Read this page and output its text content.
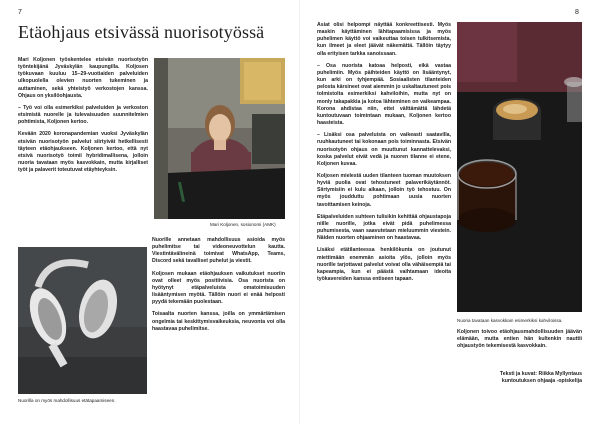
7	8
Etäohjaus etsivässä nuorisotyössä

Mari Koljonen työskentelee etsivän nuorisotyön työntekijänä Jyväskylän kaupungilla. Koljosen työkuvaan kuuluu 15–29-vuotiaiden palveluiden ulkopuolella olevien nuorten tukeminen ja auttaminen, sekä yhteistyö verkostojen kanssa. Ohjaus on yksilöohjausta.

– Työ voi olla esimerkiksi palveluiden ja verkoston etsimistä nuorelle ja tulevaisuuden suunnitelmien pohtimista, Koljonen kertoo.

Kevään 2020 koronapandemian vuoksi Jyväskylän etsivän nuorisotyön palvelut siirtyivät hetkellisesti täyteen etäohjaukseen. Koljonen kertoo, että nyt etsivä nuorisotyö toimii hybridimallisena, jolloin nuoria tavataan myös kasvokkain, mutta kirjalliset työt ja palaverit toteutuvat etäyhteyksin.

Mari Koljonen, sosionomi (AMK)
Nuorilla on myös mahdollisuus etätapaamiseen.

Nuorille annetaan mahdollisuus asioida myös puhelimitse tai videoneuvottelun kautta. Viestintävälineinä toimivat WhatsApp, Teams, Discord sekä tavalliset puhelut ja viestit.

Koljosen mukaan etäohjauksen vaikutukset nuoriin ovat olleet myös positiivisia. Osa nuorista on hyötynyt etäpalveluista omatoimisuuden lisääntymisen myötä. Tällöin nuori ei enää helposti pyydä tekemään puolestaan.

Toisaalta nuorten kanssa, joilla on ymmärtämisen ongelmia tai keskittymisvaikeuksia, neuvonta voi olla haastavaa puhelimitse.

Asiat olisi helpompi näyttää konkreettisesti. Myös maskin käyttäminen lähitapaamisissa ja myös puhelimen käyttö voi vaikeuttaa toisen tulkitsemista, kun ilmeet ja eleet jäävät näkemättä. Tällöin täytyy olla erityisen tarkka sanoissaan.

– Osa nuorista katoaa helposti, eikä vastaa puhelimiin. Myös päihteiden käyttö on lisääntynyt, kun arki on tyhjempää. Sosiaalisten tilanteiden pelosta kärsineet ovat aiemmin jo uskaltautuneet pois tolmistolta esimerkiksi kahviloihin, mutta nyt on monly takapakkia ja kotoa lähteminen on vaikeampaa. Korona ahdistaa niin, ettei välttämättä lähdetä kuntoutuvaan toimintaan mukaan, Koljonen kertoo haasteista.

– Lisäksi osa palveluista on vaikeasti saatavilla, ruuhkautuneet tai kokonaan pois toiminnasta. Etsivän nuorisotyön ohjaus on muuttunut kannattelevaksi, koska palvelut eivät vedä ja nuoren tilanne ei etene, Koljonen kuvaa.

Koljosen mielestä uuden tilanteen tuoman muutoksen hyviä puolia ovat tehostuneet palaverikäytännöt. Siirtymisiin ei kulu aikaan, jolloin työ tehostuu. On myös joudduttu pohtimaan uusia nuorten tavoittamisen keinoja.

Etäpalveluiden suhteen tulisikin kehittää ohjaustapoja niille nuorille, jotka eivät pidä puhelimessa puhumisesta, vaan saavutetaan mieluummin viestein. Näiden nuorten ohjaaminen on haastavaa.

Lisäksi etätilanteessa henkilökunta on joutunut miettimään enemmän asioita ylös, jolloin myös nuorille tarjottavat palvelut voivat olla vähäisempiä tai kapeampia, kun ei päästä vaihtamaan ideoita työkavereiden kanssa entiseen tapaan.

Nuoria tavataan kasvokkain esimerkiksi kahviloissa.

Koljonen toivoo etäohjausmahdollisuuden jäävän elämään, mutta entien hän kultenkin nauttii ohjaustyön tekemisestä kasvokkain.

Teksti ja kuvat: Riikka Myllyntaus
kuntoutuksen ohjaaja -opiskelija
